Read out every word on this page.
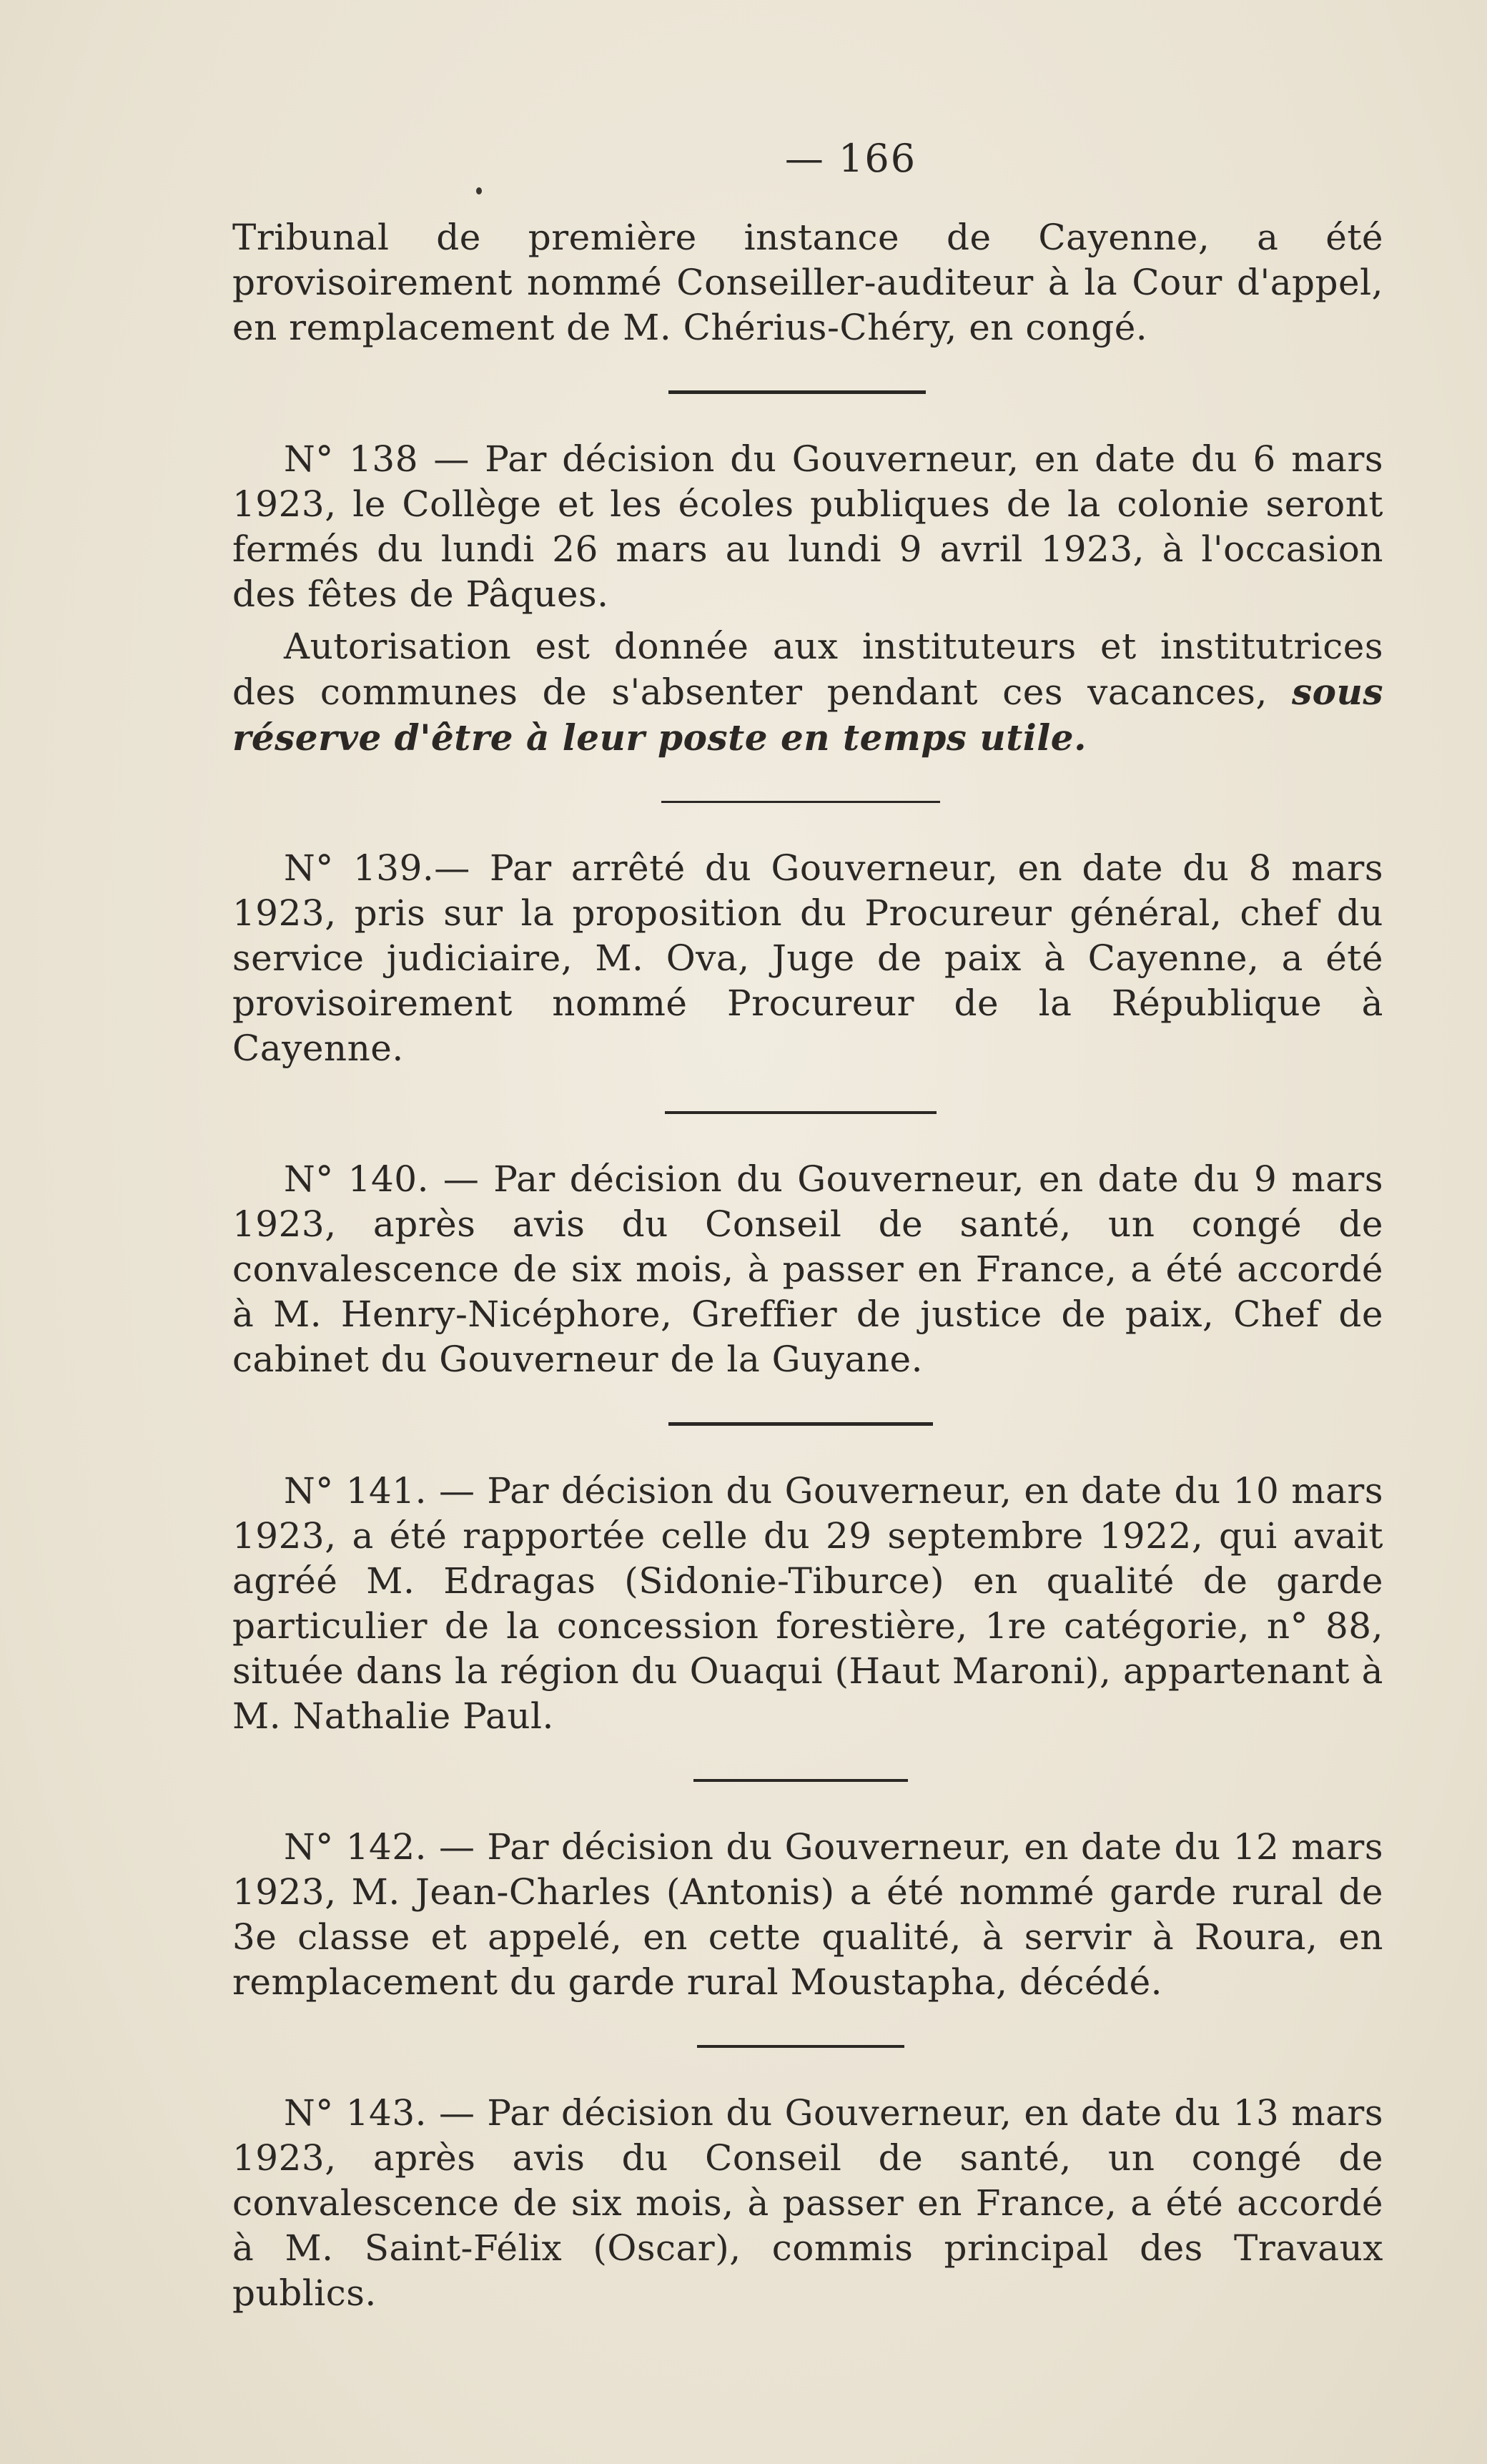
— 166

Tribunal de première instance de Cayenne, a été provisoirement nommé Conseiller-auditeur à la Cour d'appel, en remplacement de M. Chérius-Chéry, en congé.

N° 138 — Par décision du Gouverneur, en date du 6 mars 1923, le Collège et les écoles publiques de la colonie seront fermés du lundi 26 mars au lundi 9 avril 1923, à l'occasion des fêtes de Pâques.

Autorisation est donnée aux instituteurs et institutrices des communes de s'absenter pendant ces vacances, sous réserve d'être à leur poste en temps utile.

N° 139.— Par arrêté du Gouverneur, en date du 8 mars 1923, pris sur la proposition du Procureur général, chef du service judiciaire, M. Ova, Juge de paix à Cayenne, a été provisoirement nommé Procureur de la République à Cayenne.

N° 140. — Par décision du Gouverneur, en date du 9 mars 1923, après avis du Conseil de santé, un congé de convalescence de six mois, à passer en France, a été accordé à M. Henry-Nicéphore, Greffier de justice de paix, Chef de cabinet du Gouverneur de la Guyane.

N° 141. — Par décision du Gouverneur, en date du 10 mars 1923, a été rapportée celle du 29 septembre 1922, qui avait agréé M. Edragas (Sidonie-Tiburce) en qualité de garde particulier de la concession forestière, 1re catégorie, n° 88, située dans la région du Ouaqui (Haut Maroni), appartenant à M. Nathalie Paul.

N° 142. — Par décision du Gouverneur, en date du 12 mars 1923, M. Jean-Charles (Antonis) a été nommé garde rural de 3e classe et appelé, en cette qualité, à servir à Roura, en remplacement du garde rural Moustapha, décédé.

N° 143. — Par décision du Gouverneur, en date du 13 mars 1923, après avis du Conseil de santé, un congé de convalescence de six mois, à passer en France, a été accordé à M. Saint-Félix (Oscar), commis principal des Travaux publics.
